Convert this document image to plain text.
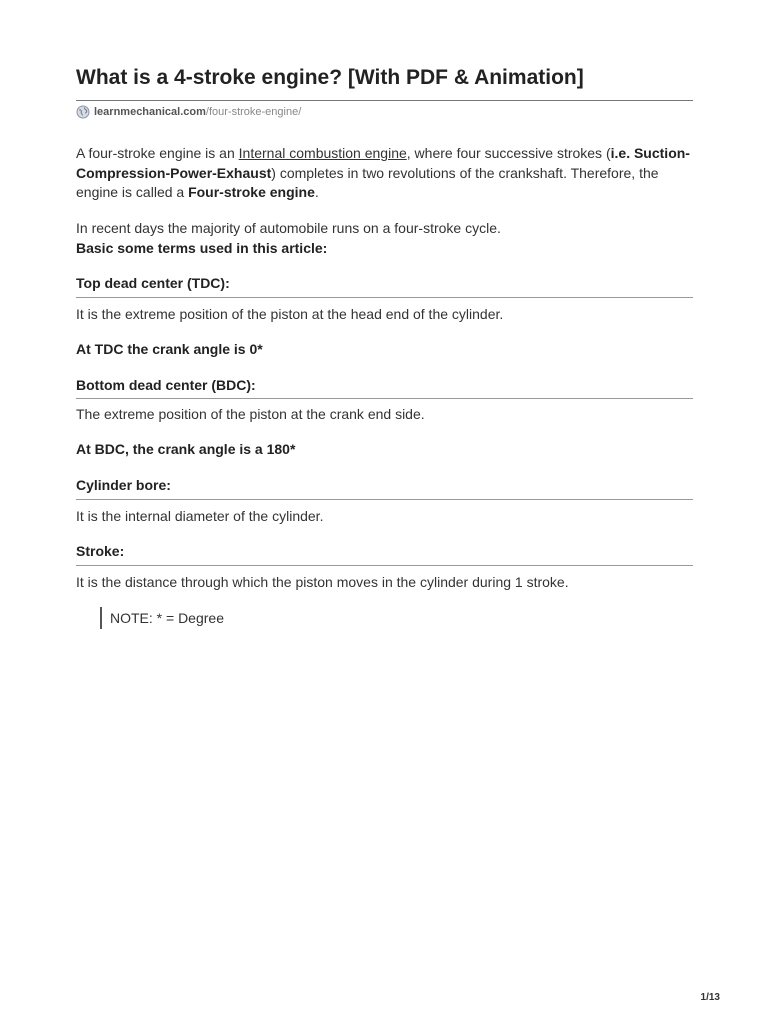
What is a 4-stroke engine? [With PDF & Animation]
learnmechanical.com /four-stroke-engine/

A four-stroke engine is an Internal combustion engine, where four successive strokes (i.e. Suction-Compression-Power-Exhaust) completes in two revolutions of the crankshaft. Therefore, the engine is called a Four-stroke engine.

In recent days the majority of automobile runs on a four-stroke cycle.

Basic some terms used in this article:

Top dead center (TDC):

It is the extreme position of the piston at the head end of the cylinder.

At TDC the crank angle is 0*

Bottom dead center (BDC):

The extreme position of the piston at the crank end side.

At BDC, the crank angle is a 180*

Cylinder bore:

It is the internal diameter of the cylinder.

Stroke:

It is the distance through which the piston moves in the cylinder during 1 stroke.

NOTE: * = Degree
1/13
